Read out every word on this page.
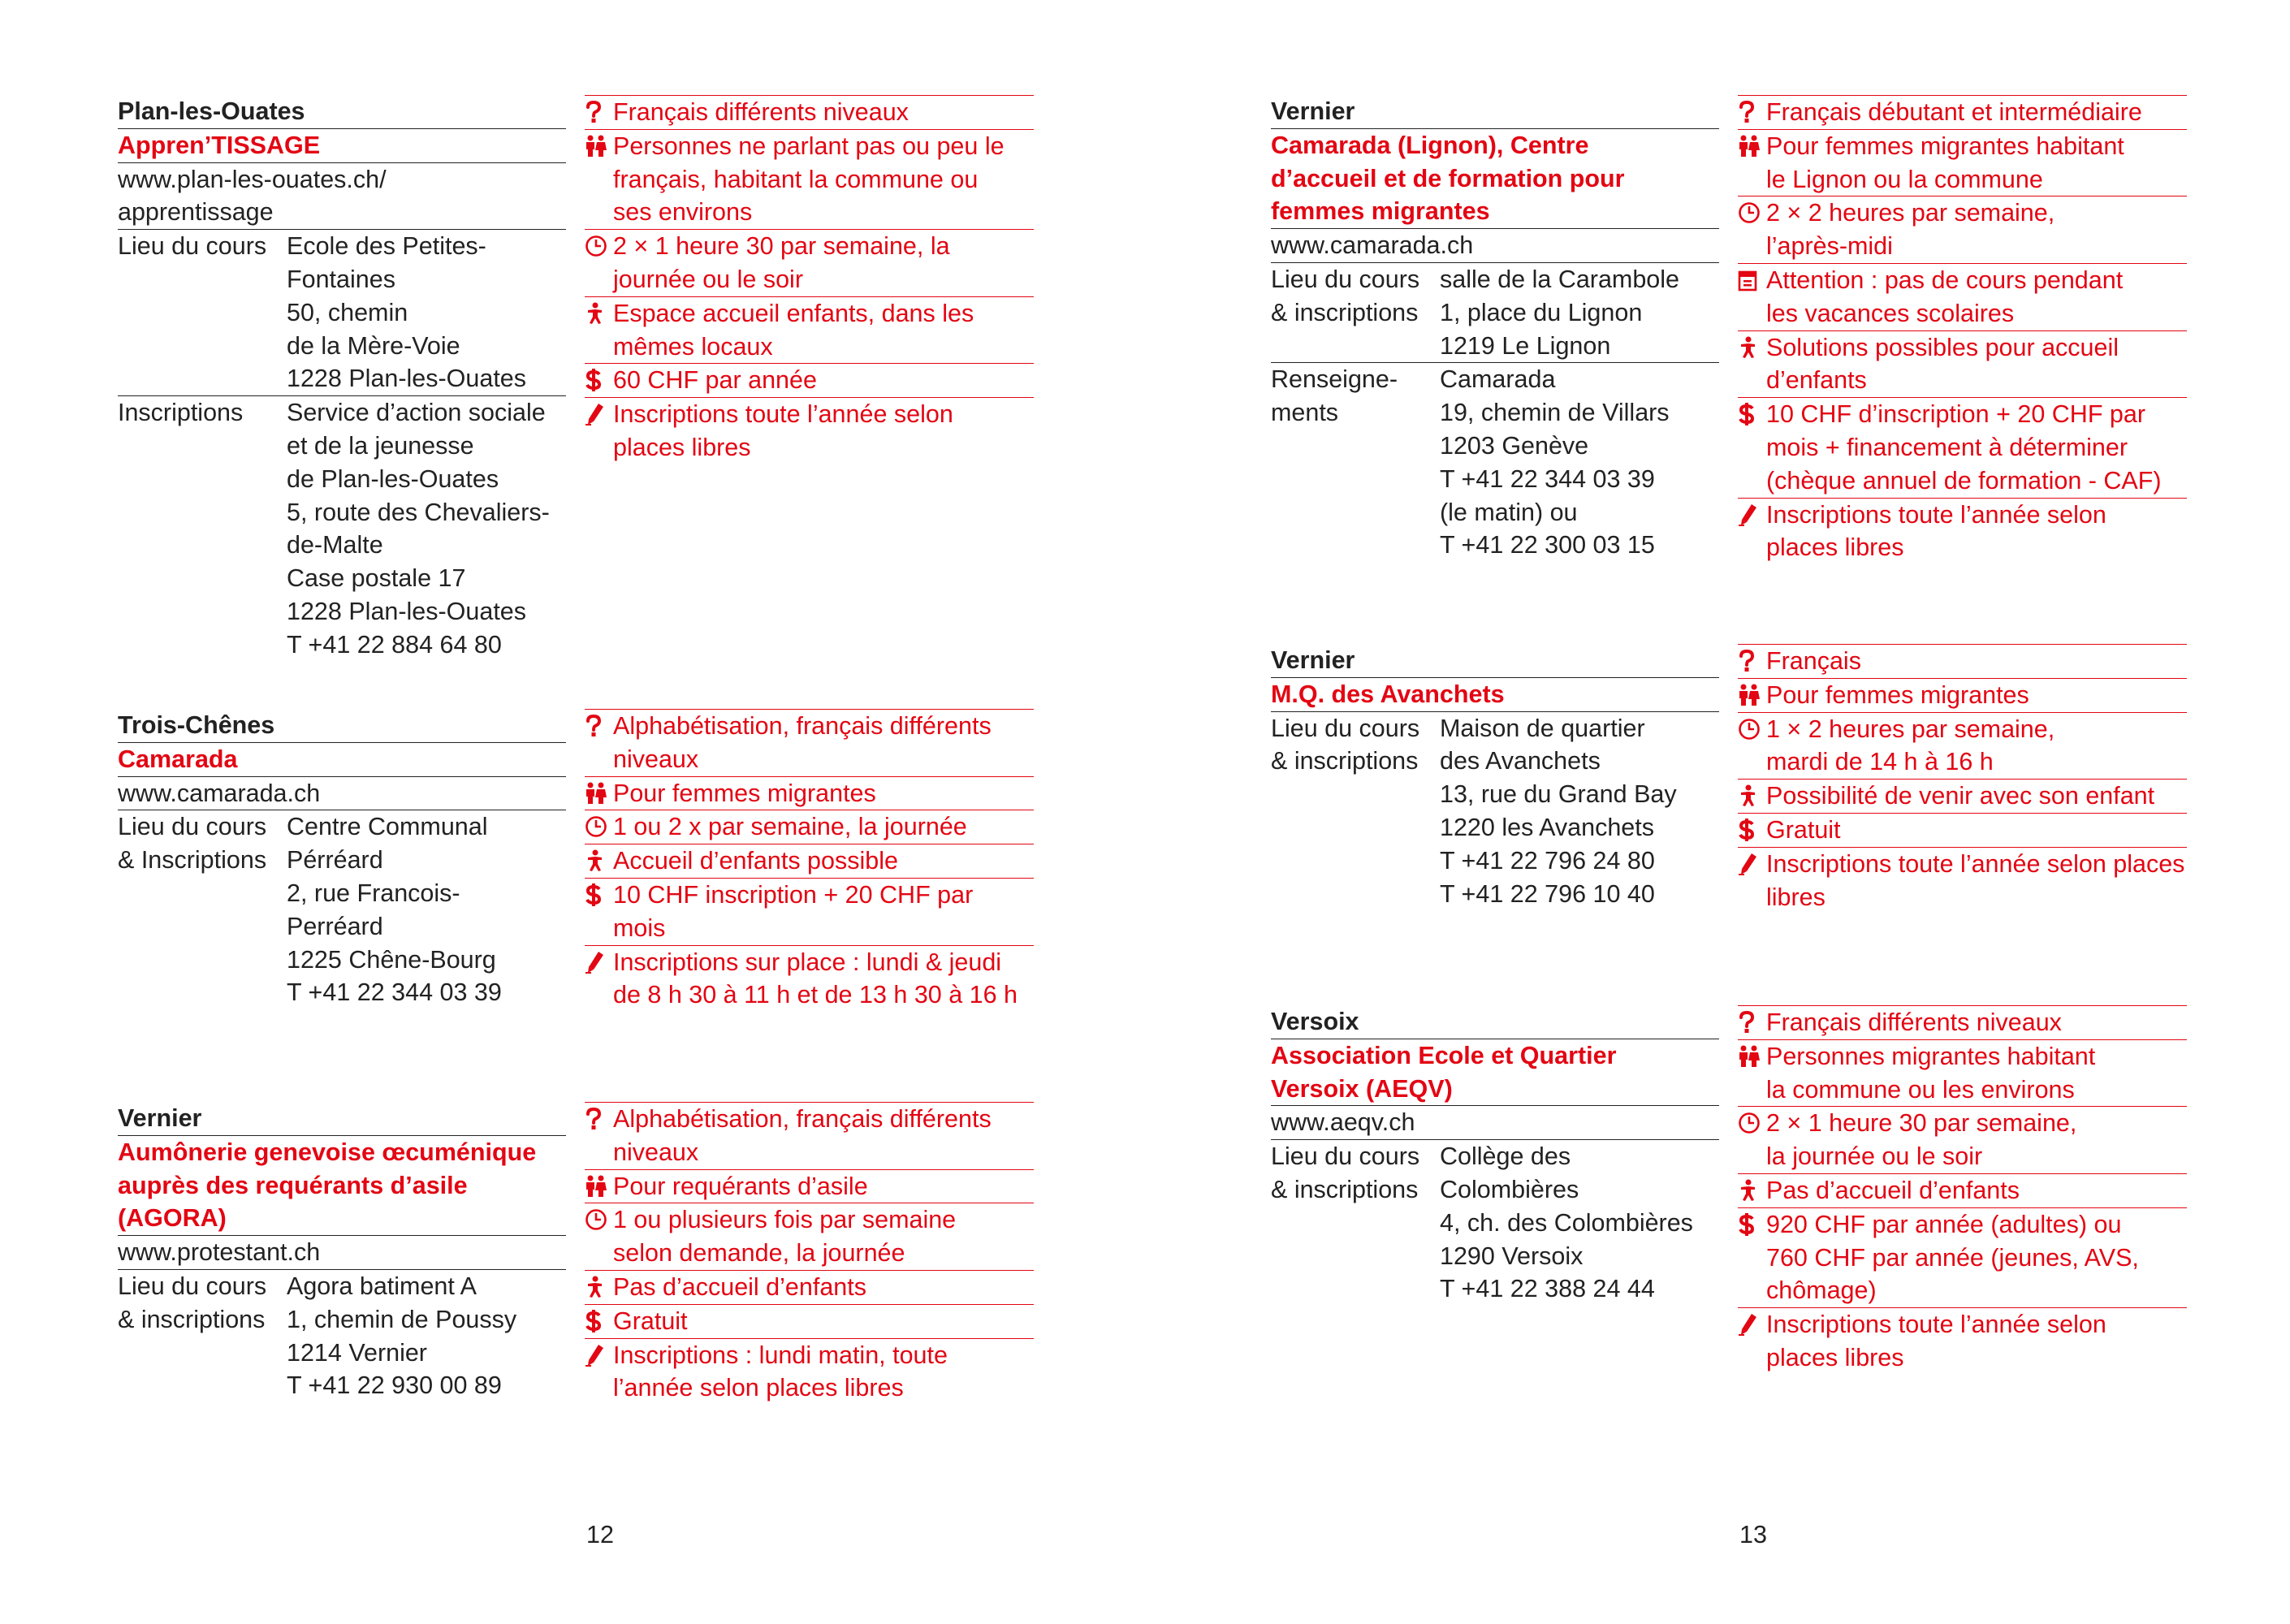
Plan-les-Ouates
Appren’TISSAGE
www.plan-les-ouates.ch/
apprentissage
Lieu du cours Ecole des Petites-
Fontaines
50, chemin
de la Mère-Voie
1228 Plan-les-Ouates
Inscriptions	Service d’action sociale
et de la jeunesse
de Plan-les-Ouates
5, route des Chevaliers-
de-Malte
Case postale 17
1228 Plan-les-Ouates
T +41 22 884 64 80
Français différents niveaux
Personnes ne parlant pas ou peu le
français, habitant la commune ou
ses environs
2 × 1 heure 30 par semaine, la
journée ou le soir
Espace accueil enfants, dans les
mêmes locaux
60 CHF par année
Inscriptions toute l’année selon
places libres
Trois-Chênes
Camarada
www.camarada.ch
Lieu du cours
& Inscriptions
Centre Communal
Pérréard
2, rue Francois-
Perréard
1225 Chêne-Bourg
T +41 22 344 03 39
Alphabétisation, français différents
niveaux
Pour femmes migrantes
1 ou 2 x par semaine, la journée
Accueil d’enfants possible
10 CHF inscription + 20 CHF par
mois
Inscriptions sur place : lundi & jeudi
de 8 h 30 à 11 h et de 13 h 30 à 16 h
Vernier
Aumônerie genevoise œcuménique
auprès des requérants d’asile
(AGORA)
www.protestant.ch
Lieu du cours
& inscriptions
Agora batiment A
1, chemin de Poussy
1214 Vernier
T +41 22 930 00 89
Alphabétisation, français différents
niveaux
Pour requérants d’asile
1 ou plusieurs fois par semaine
selon demande, la journée
Pas d’accueil d’enfants
Gratuit
Inscriptions : lundi matin, toute
l’année selon places libres
12
Vernier
Camarada (Lignon), Centre
d’accueil et de formation pour
femmes migrantes
www.camarada.ch
Lieu du cours
& inscriptions
salle de la Carambole
1, place du Lignon
1219 Le Lignon
Renseigne-
ments
Camarada
19, chemin de Villars
1203 Genève
T +41 22 344 03 39
(le matin) ou
T +41 22 300 03 15
Français débutant et intermédiaire
Pour femmes migrantes habitant
le Lignon ou la commune
2 × 2 heures par semaine,
l’après-midi
Attention : pas de cours pendant
les vacances scolaires
Solutions possibles pour accueil
d’enfants
10 CHF d’inscription + 20 CHF par
mois + financement à déterminer
(chèque annuel de formation - CAF)
Inscriptions toute l’année selon
places libres
Vernier
M.Q. des Avanchets
Lieu du cours
& inscriptions
Maison de quartier
des Avanchets
13, rue du Grand Bay
1220 les Avanchets
T +41 22 796 24 80
T +41 22 796 10 40
Français
Pour femmes migrantes
1 × 2 heures par semaine,
mardi de 14 h à 16 h
Possibilité de venir avec son enfant
Gratuit
Inscriptions toute l’année selon places
libres
Versoix
Association Ecole et Quartier
Versoix (AEQV)
www.aeqv.ch
Lieu du cours
& inscriptions
Collège des
Colombières
4, ch. des Colombières
1290 Versoix
T +41 22 388 24 44
Français différents niveaux
Personnes migrantes habitant
la commune ou les environs
2 × 1 heure 30 par semaine,
la journée ou le soir
Pas d’accueil d’enfants
920 CHF par année (adultes) ou
760 CHF par année (jeunes, AVS,
chômage)
Inscriptions toute l’année selon
places libres
13
